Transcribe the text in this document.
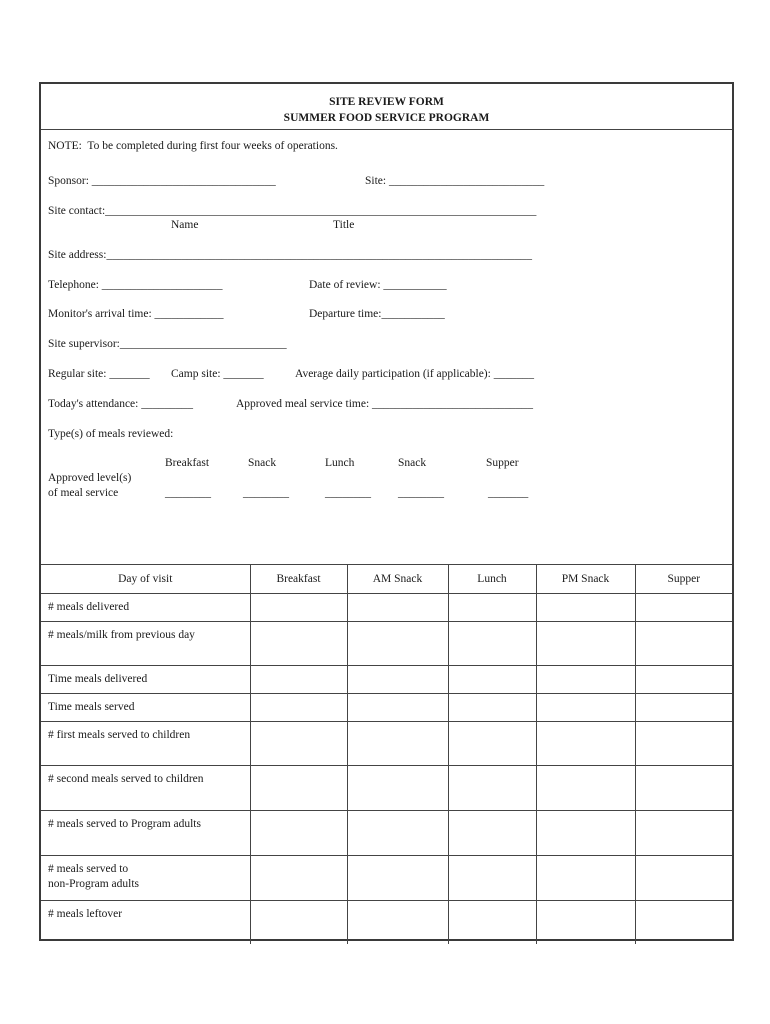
SITE REVIEW FORM
SUMMER FOOD SERVICE PROGRAM
NOTE:  To be completed during first four weeks of operations.
Sponsor: ________________________________	Site: ___________________________
Site contact:___________________________________________________________________________
Name	Title
Site address:__________________________________________________________________________
Telephone: _____________________	Date of review: ___________
Monitor's arrival time: ____________	Departure time:___________
Site supervisor:_____________________________
Regular site: _______ Camp site: _______	Average daily participation (if applicable): _______
Today's attendance: _________	Approved meal service time: ____________________________
Type(s) of meals reviewed:
Breakfast	Snack	Lunch	Snack	Supper
Approved level(s)
of meal service	________	________	________ ________	_______
Day of visit	Breakfast	AM Snack	Lunch	PM Snack	Supper

# meals delivered					

# meals/milk from previous day					

Time meals delivered					

Time meals served					

# first meals served to children					

# second meals served to children					

# meals served to Program adults					

# meals served to
non-Program adults					

# meals leftover					
